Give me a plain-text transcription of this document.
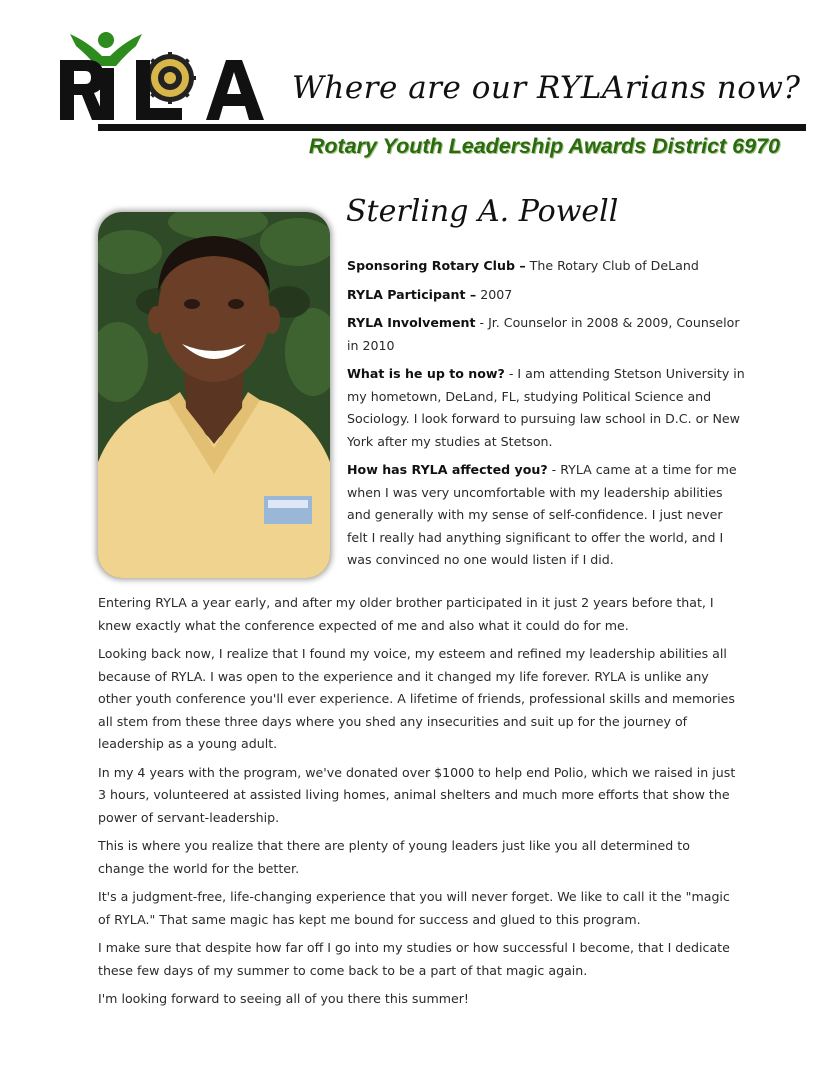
Where are our RYLArians now?
Rotary Youth Leadership Awards District 6970
Sterling A. Powell

Sponsoring Rotary Club – The Rotary Club of DeLand

RYLA Participant – 2007

RYLA Involvement - Jr. Counselor in 2008 & 2009, Counselor in 2010

What is he up to now? - I am attending Stetson University in my hometown, DeLand, FL, studying Political Science and Sociology. I look forward to pursuing law school in D.C. or New York after my studies at Stetson.

How has RYLA affected you? - RYLA came at a time for me when I was very uncomfortable with my leadership abilities and generally with my sense of self-confidence. I just never felt I really had anything significant to offer the world, and I was convinced no one would listen if I did.

Entering RYLA a year early, and after my older brother participated in it just 2 years before that, I knew exactly what the conference expected of me and also what it could do for me.

Looking back now, I realize that I found my voice, my esteem and refined my leadership abilities all because of RYLA. I was open to the experience and it changed my life forever. RYLA is unlike any other youth conference you'll ever experience. A lifetime of friends, professional skills and memories all stem from these three days where you shed any insecurities and suit up for the journey of leadership as a young adult.

In my 4 years with the program, we've donated over $1000 to help end Polio, which we raised in just 3 hours, volunteered at assisted living homes, animal shelters and much more efforts that show the power of servant-leadership.

This is where you realize that there are plenty of young leaders just like you all determined to change the world for the better.

It's a judgment-free, life-changing experience that you will never forget. We like to call it the "magic of RYLA." That same magic has kept me bound for success and glued to this program.

I make sure that despite how far off I go into my studies or how successful I become, that I dedicate these few days of my summer to come back to be a part of that magic again.

I'm looking forward to seeing all of you there this summer!
